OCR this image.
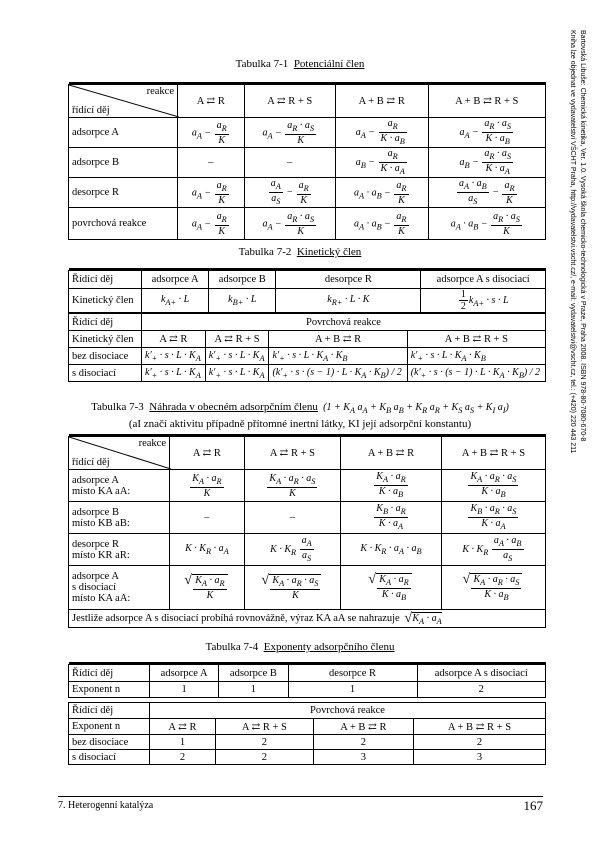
Bartovská Libuše: Chemická kinetika, Ver. 1.0. Vysoká škola chemicko-technologická v Praze, Praha 2008. ISBN 978-80-7080-670-8
Kniha lze objednat ve vydavatelství VŠCHT Praha, http://vydavatelstvi.vscht.cz/, e-mail: vydavatelstvi@vscht.cz, tel.: (+420) 220 443 211
Tabulka 7-1 Potenciální člen

reakce
řídící děj	A ⇄ R	A ⇄ R + S	A + B ⇄ R	A + B ⇄ R + S
adsorpce A	$a_A - \frac{a_R}{K}$	$a_A - \frac{a_R \cdot a_S}{K}$	$a_A - \frac{a_R}{K \cdot a_B}$	$a_A - \frac{a_R \cdot a_S}{K \cdot a_B}$

adsorpce B	–	–	$a_B - \frac{a_R}{K \cdot a_A}$	$a_B - \frac{a_R \cdot a_S}{K \cdot a_A}$

desorpce R	$a_A - \frac{a_R}{K}$	$\frac{a_A}{a_S} - \frac{a_R}{K}$	$a_A \cdot a_B - \frac{a_R}{K}$	$\frac{a_A \cdot a_B}{a_S} - \frac{a_R}{K}$

povrchová reakce	$a_A - \frac{a_R}{K}$	$a_A - \frac{a_R \cdot a_S}{K}$	$a_A \cdot a_B - \frac{a_R}{K}$	$a_A \cdot a_B - \frac{a_R \cdot a_S}{K}$
Tabulka 7-2 Kinetický člen

Řídící děj	adsorpce A	adsorpce B	desorpce R	adsorpce A s disociací
Kinetický člen	$k_{A+} \cdot L$	$k_{B+} \cdot L$	$k_{R+} \cdot L \cdot K$	$\frac{1}{2} k_{A+} \cdot s \cdot L$
Řídící děj	Povrchová reakce			
Kinetický člen	A ⇄ R	A ⇄ R + S	A + B ⇄ R	A + B ⇄ R + S
bez disociace	$k'_+ \cdot s \cdot L \cdot K_A$	$k'_+ \cdot s \cdot L \cdot K_A$	$k'_+ \cdot s \cdot L \cdot K_A \cdot K_B$	$k'_+ \cdot s \cdot L \cdot K_A \cdot K_B$
s disociací	$k'_+ \cdot s \cdot L \cdot K_A$	$k'_+ \cdot s \cdot L \cdot K_A$	$(k'_+ \cdot s \cdot (s - 1) \cdot L \cdot K_A \cdot K_B) / 2$	$(k'_+ \cdot s \cdot (s - 1) \cdot L \cdot K_A \cdot K_B) / 2$
Tabulka 7-3 Náhrada v obecném adsorpčním členu  ($1 + K_A$ $a_A + K_B$ $a_B + K_R$ $a_R + K_S$ $a_S + K_I$ $a_I$)
(aI značí aktivitu případně přítomné inertní látky, KI její adsorpční konstantu)

reakce
řídící děj	A ⇄ R	A ⇄ R + S	A + B ⇄ R	A + B ⇄ R + S
adsorpce A
místo KA aA:	$\frac{K_A \cdot a_R}{K}$	$\frac{K_A \cdot a_R \cdot a_S}{K}$	$\frac{K_A \cdot a_R}{K \cdot a_B}$	$\frac{K_A \cdot a_R \cdot a_S}{K \cdot a_B}$

adsorpce B
místo KB aB:	–	–	$\frac{K_B \cdot a_R}{K \cdot a_A}$	$\frac{K_B \cdot a_R \cdot a_S}{K \cdot a_A}$

desorpce R
místo KR aR:	$K \cdot K_R \cdot a_A$	$K \cdot K_R \frac{a_A}{a_S}$	$K \cdot K_R \cdot a_A \cdot a_B$	$K \cdot K_R \frac{a_A \cdot a_B}{a_S}$

adsorpce A
s disociací
místo KA aA:	√ $\frac{K_A \cdot a_R}{K}$	√ $\frac{K_A \cdot a_R \cdot a_S}{K}$	√ $\frac{K_A \cdot a_R}{K \cdot a_B}$	√ $\frac{K_A \cdot a_R \cdot a_S}{K \cdot a_B}$

Jestliže adsorpce A s disociací probíhá rovnovážně, výraz KA aA se nahrazuje √ $K_A \cdot a_A$
Tabulka 7-4 Exponenty adsorpčního členu

Řídící děj	adsorpce A	adsorpce B	desorpce R	adsorpce A s disociací
Exponent n	1	1	1	2
Řídící děj	Povrchová reakce			
Exponent n	A ⇄ R	A ⇄ R + S	A + B ⇄ R	A + B ⇄ R + S
bez disociace	1	2	2	2
s disociací	2	2	3	3
7. Heterogenní katalýza	167
